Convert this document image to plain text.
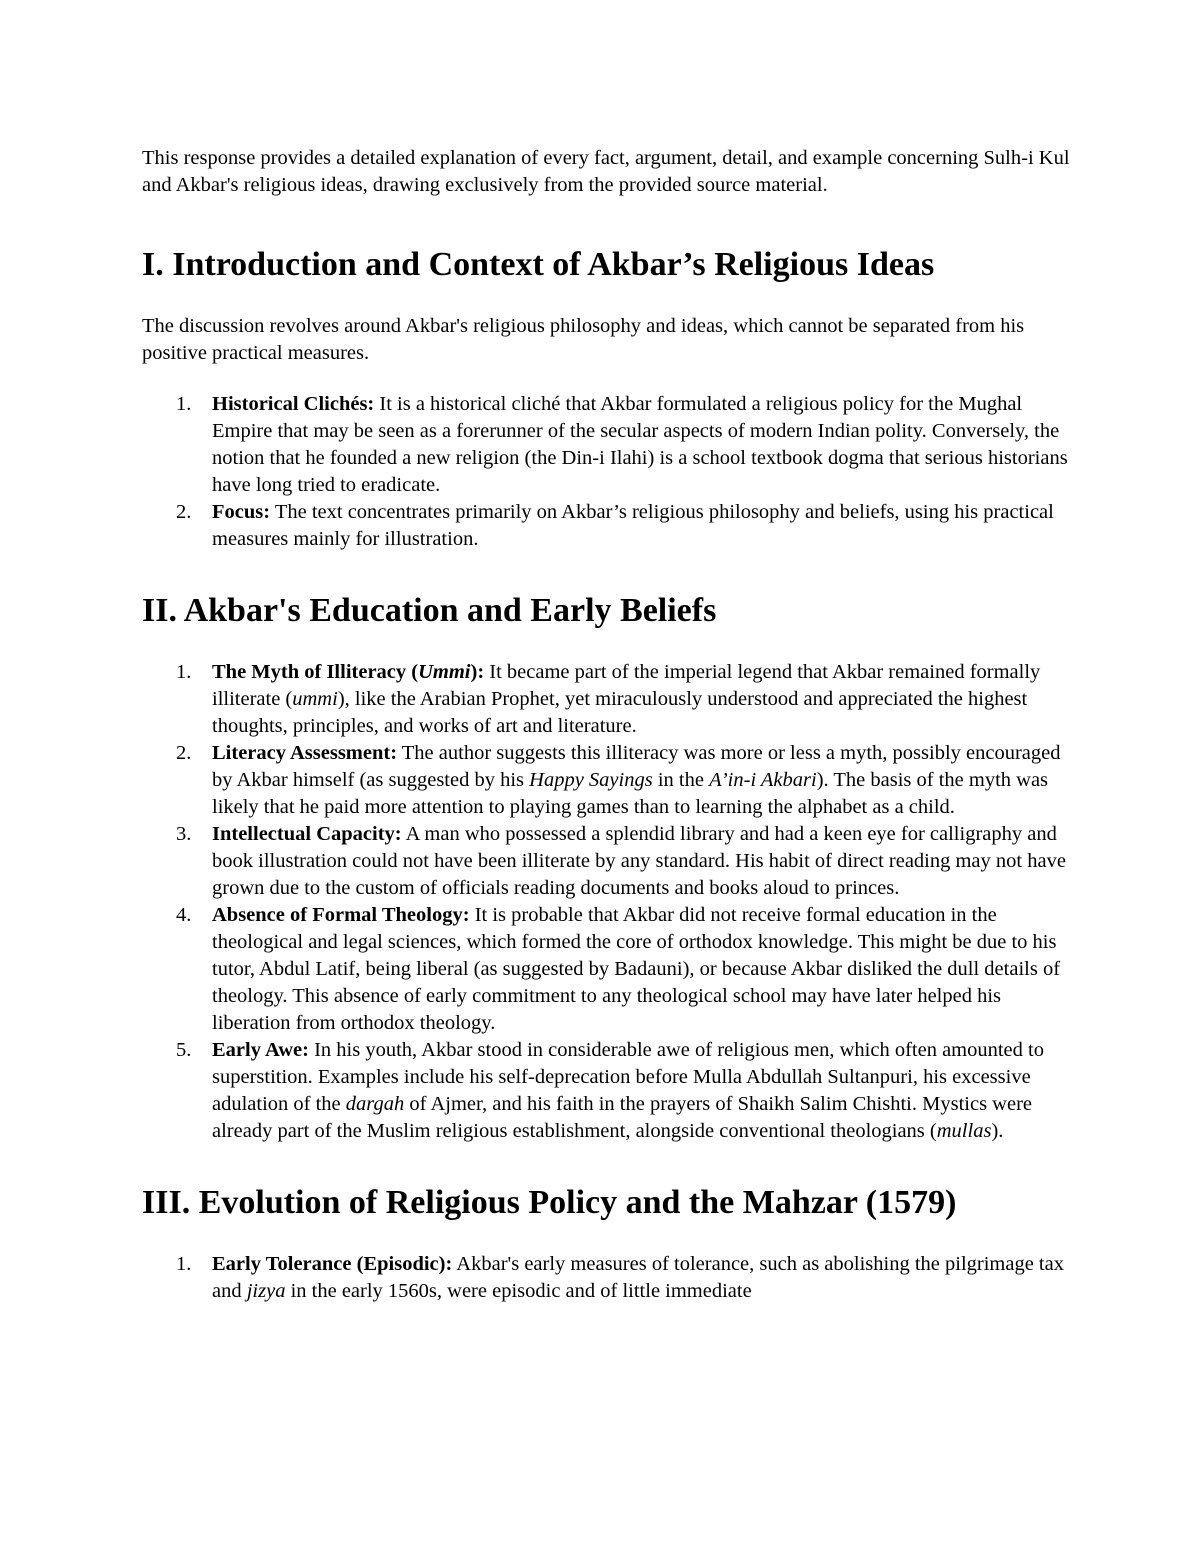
This response provides a detailed explanation of every fact, argument, detail, and example concerning Sulh-i Kul and Akbar's religious ideas, drawing exclusively from the provided source material.

I. Introduction and Context of Akbar’s Religious Ideas

The discussion revolves around Akbar's religious philosophy and ideas, which cannot be separated from his positive practical measures.

1. Historical Clichés: It is a historical cliché that Akbar formulated a religious policy for the Mughal Empire that may be seen as a forerunner of the secular aspects of modern Indian polity. Conversely, the notion that he founded a new religion (the Din-i Ilahi) is a school textbook dogma that serious historians have long tried to eradicate.
2. Focus: The text concentrates primarily on Akbar’s religious philosophy and beliefs, using his practical measures mainly for illustration.
II. Akbar's Education and Early Beliefs
1. The Myth of Illiteracy (Ummi): It became part of the imperial legend that Akbar remained formally illiterate (ummi), like the Arabian Prophet, yet miraculously understood and appreciated the highest thoughts, principles, and works of art and literature.
2. Literacy Assessment: The author suggests this illiteracy was more or less a myth, possibly encouraged by Akbar himself (as suggested by his Happy Sayings in the A’in-i Akbari). The basis of the myth was likely that he paid more attention to playing games than to learning the alphabet as a child.
3. Intellectual Capacity: A man who possessed a splendid library and had a keen eye for calligraphy and book illustration could not have been illiterate by any standard. His habit of direct reading may not have grown due to the custom of officials reading documents and books aloud to princes.
4. Absence of Formal Theology: It is probable that Akbar did not receive formal education in the theological and legal sciences, which formed the core of orthodox knowledge. This might be due to his tutor, Abdul Latif, being liberal (as suggested by Badauni), or because Akbar disliked the dull details of theology. This absence of early commitment to any theological school may have later helped his liberation from orthodox theology.
5. Early Awe: In his youth, Akbar stood in considerable awe of religious men, which often amounted to superstition. Examples include his self-deprecation before Mulla Abdullah Sultanpuri, his excessive adulation of the dargah of Ajmer, and his faith in the prayers of Shaikh Salim Chishti. Mystics were already part of the Muslim religious establishment, alongside conventional theologians (mullas).
III. Evolution of Religious Policy and the Mahzar (1579)
1. Early Tolerance (Episodic): Akbar's early measures of tolerance, such as abolishing the pilgrimage tax and jizya in the early 1560s, were episodic and of little immediate
